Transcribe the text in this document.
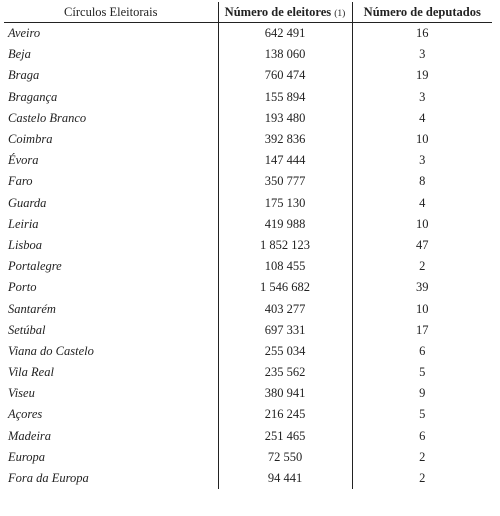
Círculos Eleitorais	Número de eleitores (1)	Número de deputados
Aveiro	642 491	16
Beja	138 060	3
Braga	760 474	19
Bragança	155 894	3
Castelo Branco	193 480	4
Coimbra	392 836	10
Évora	147 444	3
Faro	350 777	8
Guarda	175 130	4
Leiria	419 988	10
Lisboa	1 852 123	47
Portalegre	108 455	2
Porto	1 546 682	39
Santarém	403 277	10
Setúbal	697 331	17
Viana do Castelo	255 034	6
Vila Real	235 562	5
Viseu	380 941	9
Açores	216 245	5
Madeira	251 465	6
Europa	72 550	2
Fora da Europa	94 441	2
